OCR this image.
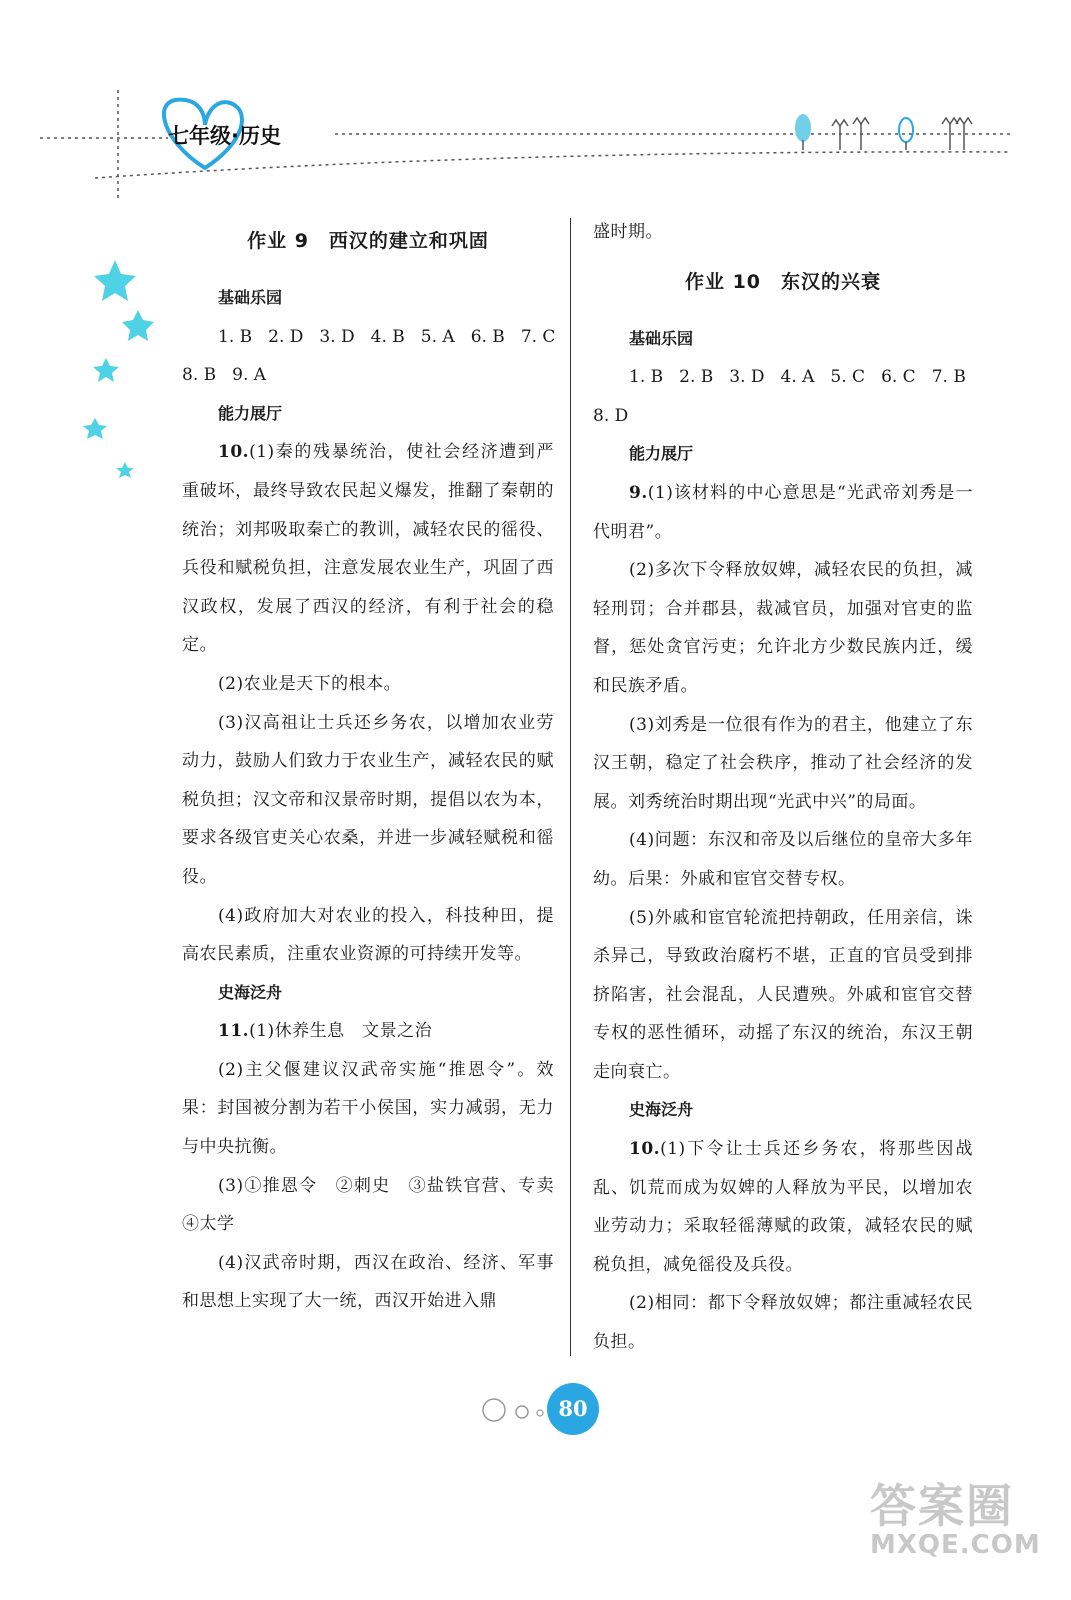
七年级·历史
作业 9　西汉的建立和巩固
基础乐园
1. B 2. D 3. D 4. B 5. A 6. B 7. C
8. B 9. A
能力展厅

10.(1)秦的残暴统治，使社会经济遭到严重破坏，最终导致农民起义爆发，推翻了秦朝的统治；刘邦吸取秦亡的教训，减轻农民的徭役、兵役和赋税负担，注意发展农业生产，巩固了西汉政权，发展了西汉的经济，有利于社会的稳定。

(2)农业是天下的根本。

(3)汉高祖让士兵还乡务农，以增加农业劳动力，鼓励人们致力于农业生产，减轻农民的赋税负担；汉文帝和汉景帝时期，提倡以农为本，要求各级官吏关心农桑，并进一步减轻赋税和徭役。

(4)政府加大对农业的投入，科技种田，提高农民素质，注重农业资源的可持续开发等。

史海泛舟

11.(1)休养生息　文景之治

(2)主父偃建议汉武帝实施“推恩令”。效果：封国被分割为若干小侯国，实力减弱，无力与中央抗衡。

(3)①推恩令　②刺史　③盐铁官营、专卖　④太学

(4)汉武帝时期，西汉在政治、经济、军事和思想上实现了大一统，西汉开始进入鼎

盛时期。

作业 10　东汉的兴衰
基础乐园
1. B 2. B 3. D 4. A 5. C 6. C 7. B
8. D
能力展厅

9.(1)该材料的中心意思是“光武帝刘秀是一代明君”。

(2)多次下令释放奴婢，减轻农民的负担，减轻刑罚；合并郡县，裁减官员，加强对官吏的监督，惩处贪官污吏；允许北方少数民族内迁，缓和民族矛盾。

(3)刘秀是一位很有作为的君主，他建立了东汉王朝，稳定了社会秩序，推动了社会经济的发展。刘秀统治时期出现“光武中兴”的局面。

(4)问题：东汉和帝及以后继位的皇帝大多年幼。后果：外戚和宦官交替专权。

(5)外戚和宦官轮流把持朝政，任用亲信，诛杀异己，导致政治腐朽不堪，正直的官员受到排挤陷害，社会混乱，人民遭殃。外戚和宦官交替专权的恶性循环，动摇了东汉的统治，东汉王朝走向衰亡。

史海泛舟

10.(1)下令让士兵还乡务农，将那些因战乱、饥荒而成为奴婢的人释放为平民，以增加农业劳动力；采取轻徭薄赋的政策，减轻农民的赋税负担，减免徭役及兵役。

(2)相同：都下令释放奴婢；都注重减轻农民负担。

80
答案圈
MXQE.COM
